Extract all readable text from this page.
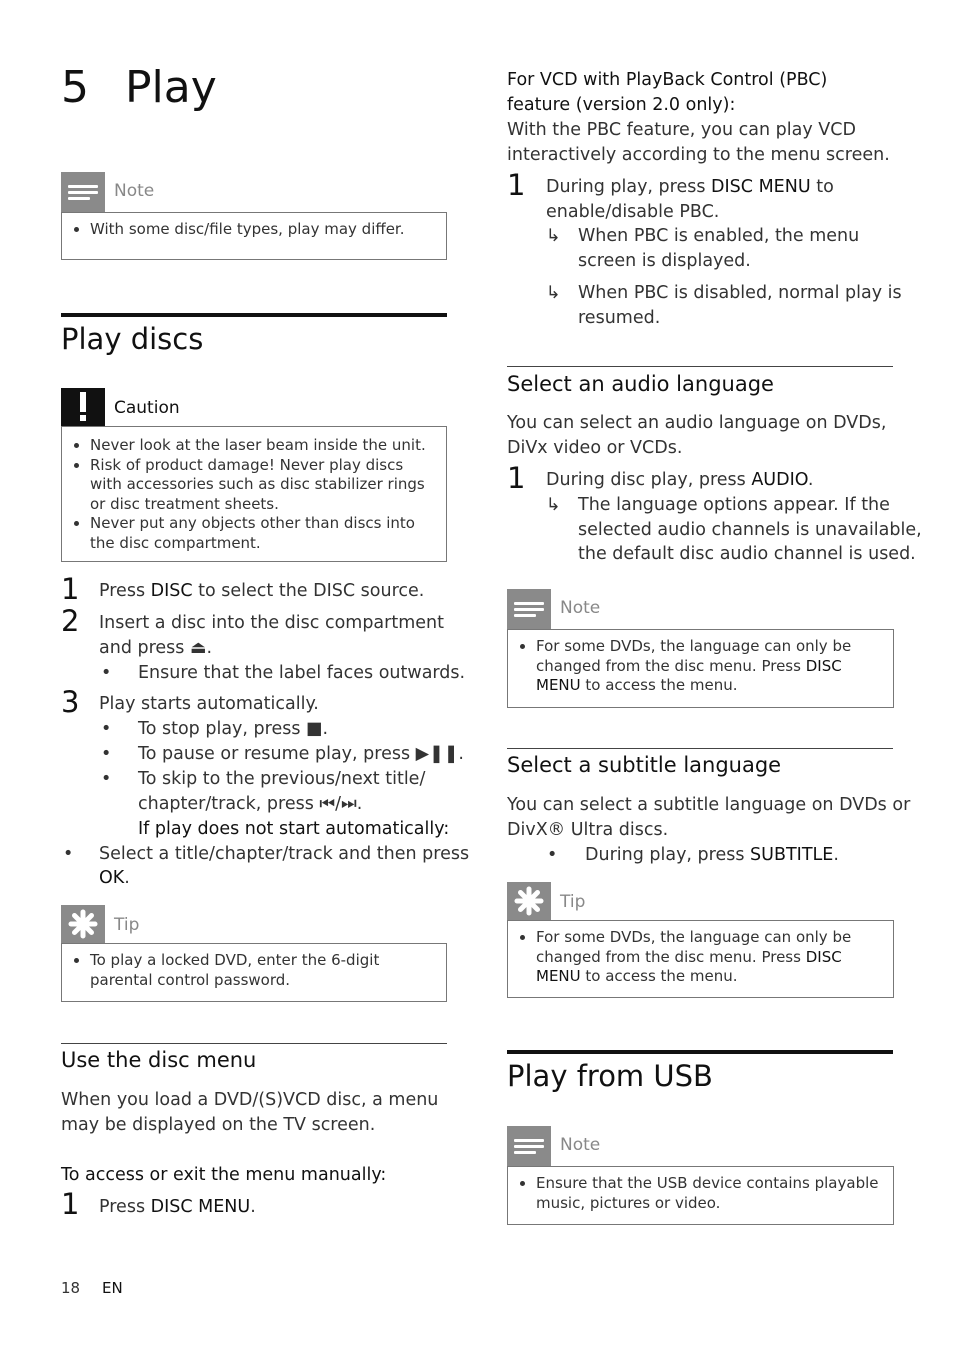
5 Play
Note
• With some disc/file types, play may differ.
Play discs
Caution
• Never look at the laser beam inside the unit.
• Risk of product damage! Never play discs with accessories such as disc stabilizer rings or disc treatment sheets.
• Never put any objects other than discs into the disc compartment.
1	Press DISC to select the DISC source.
2	Insert a disc into the disc compartment
and press ⏏.
• Ensure that the label faces outwards.
3	Play starts automatically.
• To stop play, press ■.
• To pause or resume play, press ▶❚❚.
• To skip to the previous/next title/
chapter/track, press ⏮/⏭.
If play does not start automatically:
• Select a title/chapter/track and then press
OK.
Tip
• To play a locked DVD, enter the 6-digit parental control password.
Use the disc menu
When you load a DVD/(S)VCD disc, a menu
may be displayed on the TV screen.
To access or exit the menu manually:
1	Press DISC MENU.
18 EN
For VCD with PlayBack Control (PBC)
feature (version 2.0 only):
With the PBC feature, you can play VCD
interactively according to the menu screen.
1	During play, press DISC MENU to
enable/disable PBC.
↳ When PBC is enabled, the menu
screen is displayed.
↳ When PBC is disabled, normal play is
resumed.
Select an audio language
You can select an audio language on DVDs,
DiVx video or VCDs.
1	During disc play, press AUDIO.
↳ The language options appear. If the
selected audio channels is unavailable,
the default disc audio channel is used.
Note
• For some DVDs, the language can only be changed from the disc menu. Press DISC MENU to access the menu.
Select a subtitle language
You can select a subtitle language on DVDs or
DivX® Ultra discs.
• During play, press SUBTITLE.
Tip
• For some DVDs, the language can only be changed from the disc menu. Press DISC MENU to access the menu.
Play from USB
Note
• Ensure that the USB device contains playable music, pictures or video.
